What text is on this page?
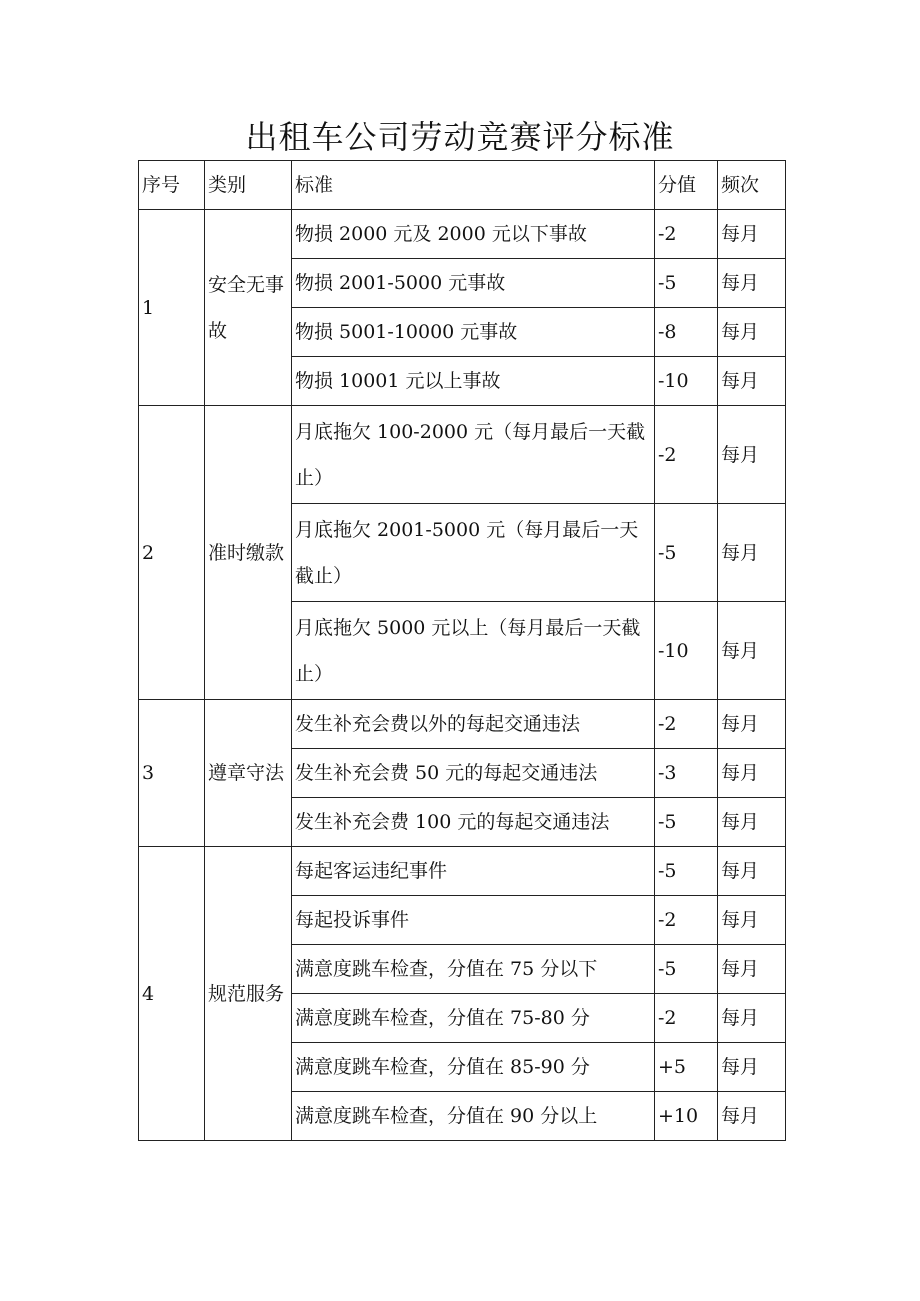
出租车公司劳动竞赛评分标准
序号	类别	标准	分值	频次
1	安全无事故	物损 2000 元及 2000 元以下事故	-2	每月
		物损 2001-5000 元事故	-5	每月
		物损 5001-10000 元事故	-8	每月
		物损 10001 元以上事故	-10	每月
2	准时缴款	月底拖欠 100-2000 元（每月最后一天截止）	-2	每月

		月底拖欠 2001-5000 元（每月最后一天截止）	-5	每月

		月底拖欠 5000 元以上（每月最后一天截止）	-10	每月
3	遵章守法	发生补充会费以外的每起交通违法	-2	每月
		发生补充会费 50 元的每起交通违法	-3	每月
		发生补充会费 100 元的每起交通违法	-5	每月
4	规范服务	每起客运违纪事件	-5	每月
		每起投诉事件	-2	每月
		满意度跳车检查，分值在 75 分以下	-5	每月
		满意度跳车检查，分值在 75-80 分	-2	每月
		满意度跳车检查，分值在 85-90 分	+5	每月
		满意度跳车检查，分值在 90 分以上	+10	每月
